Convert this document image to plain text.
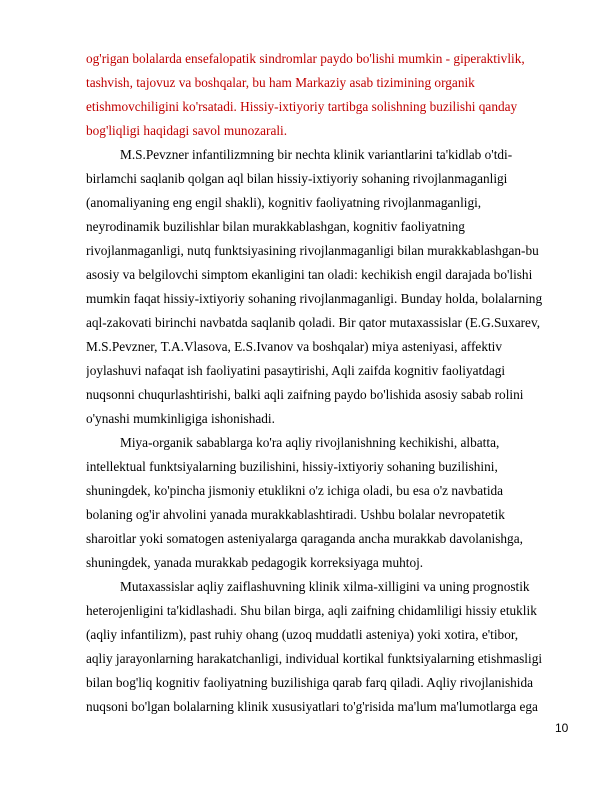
og'rigan bolalarda ensefalopatik sindromlar paydo bo'lishi mumkin - giperaktivlik,
tashvish, tajovuz va boshqalar, bu ham Markaziy asab tizimining organik
etishmovchiligini ko'rsatadi. Hissiy-ixtiyoriy tartibga solishning buzilishi qanday
bog'liqligi haqidagi savol munozarali.
M.S.Pevzner infantilizmning bir nechta klinik variantlarini ta'kidlab o'tdi-
birlamchi saqlanib qolgan aql bilan hissiy-ixtiyoriy sohaning rivojlanmaganligi
(anomaliyaning eng engil shakli), kognitiv faoliyatning rivojlanmaganligi,
neyrodinamik buzilishlar bilan murakkablashgan, kognitiv faoliyatning
rivojlanmaganligi, nutq funktsiyasining rivojlanmaganligi bilan murakkablashgan-bu
asosiy va belgilovchi simptom ekanligini tan oladi: kechikish engil darajada bo'lishi
mumkin faqat hissiy-ixtiyoriy sohaning rivojlanmaganligi. Bunday holda, bolalarning
aql-zakovati birinchi navbatda saqlanib qoladi. Bir qator mutaxassislar (E.G.Suxarev,
M.S.Pevzner, T.A.Vlasova, E.S.Ivanov va boshqalar) miya asteniyasi, affektiv
joylashuvi nafaqat ish faoliyatini pasaytirishi, Aqli zaifda kognitiv faoliyatdagi
nuqsonni chuqurlashtirishi, balki aqli zaifning paydo bo'lishida asosiy sabab rolini
o'ynashi mumkinligiga ishonishadi.
Miya-organik sabablarga ko'ra aqliy rivojlanishning kechikishi, albatta,
intellektual funktsiyalarning buzilishini, hissiy-ixtiyoriy sohaning buzilishini,
shuningdek, ko'pincha jismoniy etuklikni o'z ichiga oladi, bu esa o'z navbatida
bolaning og'ir ahvolini yanada murakkablashtiradi. Ushbu bolalar nevropatetik
sharoitlar yoki somatogen asteniyalarga qaraganda ancha murakkab davolanishga,
shuningdek, yanada murakkab pedagogik korreksiyaga muhtoj.
Mutaxassislar aqliy zaiflashuvning klinik xilma-xilligini va uning prognostik
heterojenligini ta'kidlashadi. Shu bilan birga, aqli zaifning chidamliligi hissiy etuklik
(aqliy infantilizm), past ruhiy ohang (uzoq muddatli asteniya) yoki xotira, e'tibor,
aqliy jarayonlarning harakatchanligi, individual kortikal funktsiyalarning etishmasligi
bilan bog'liq kognitiv faoliyatning buzilishiga qarab farq qiladi. Aqliy rivojlanishida
nuqsoni bo'lgan bolalarning klinik xususiyatlari to'g'risida ma'lum ma'lumotlarga ega
10
